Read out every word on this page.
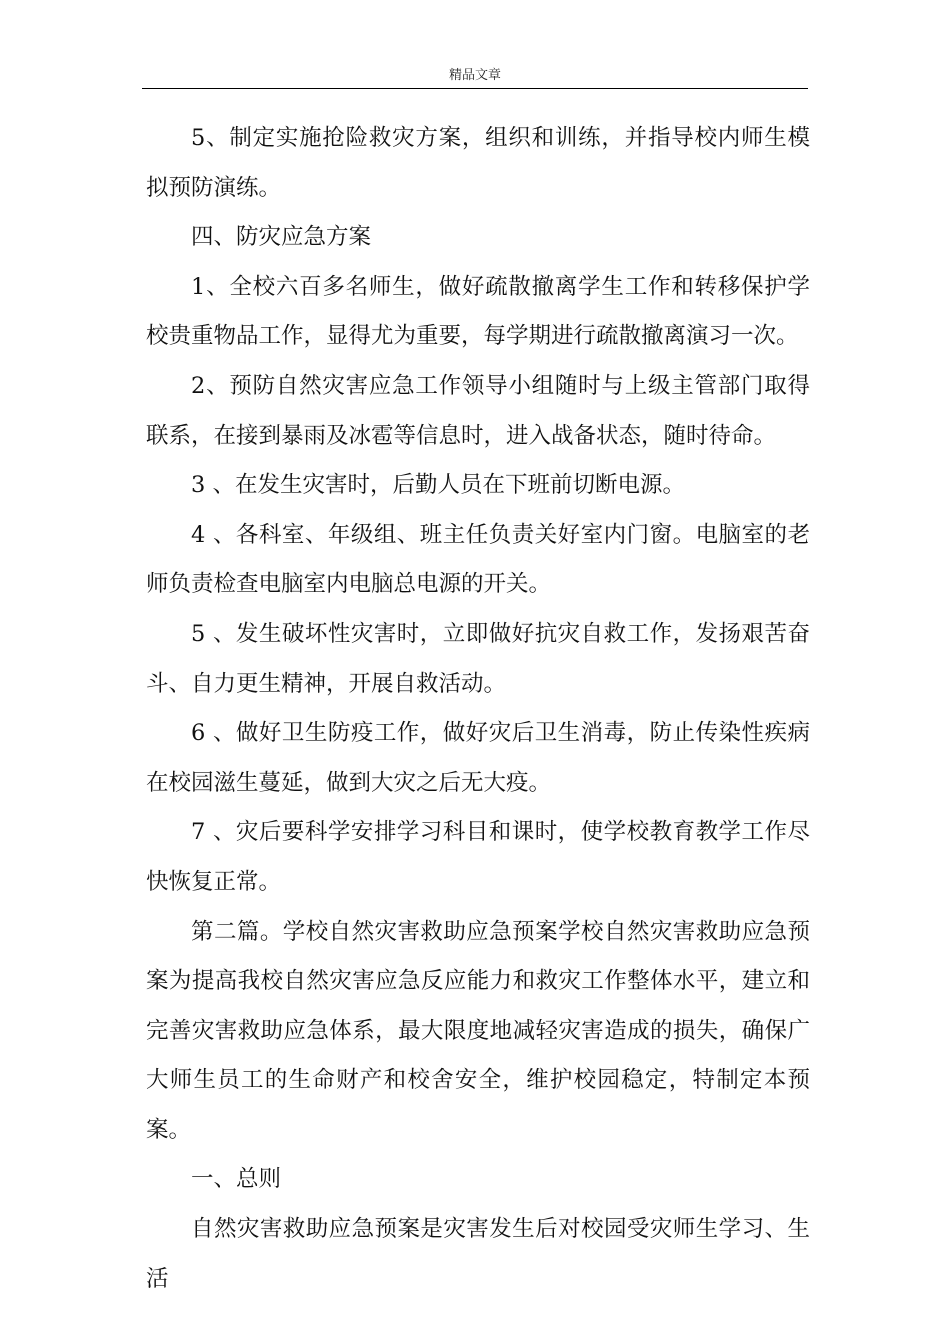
精品文章

5、制定实施抢险救灾方案，组织和训练，并指导校内师生模拟预防演练。

四、防灾应急方案

1、全校六百多名师生，做好疏散撤离学生工作和转移保护学校贵重物品工作，显得尤为重要，每学期进行疏散撤离演习一次。

2、预防自然灾害应急工作领导小组随时与上级主管部门取得联系，在接到暴雨及冰雹等信息时，进入战备状态，随时待命。

3 、在发生灾害时，后勤人员在下班前切断电源。

4 、各科室、年级组、班主任负责关好室内门窗。电脑室的老师负责检查电脑室内电脑总电源的开关。

5 、发生破坏性灾害时，立即做好抗灾自救工作，发扬艰苦奋斗、自力更生精神，开展自救活动。

6 、做好卫生防疫工作，做好灾后卫生消毒，防止传染性疾病在校园滋生蔓延，做到大灾之后无大疫。

7 、灾后要科学安排学习科目和课时，使学校教育教学工作尽快恢复正常。

第二篇。学校自然灾害救助应急预案学校自然灾害救助应急预案为提高我校自然灾害应急反应能力和救灾工作整体水平，建立和完善灾害救助应急体系，最大限度地减轻灾害造成的损失，确保广大师生员工的生命财产和校舍安全，维护校园稳定，特制定本预案。

一、总则

自然灾害救助应急预案是灾害发生后对校园受灾师生学习、生活
